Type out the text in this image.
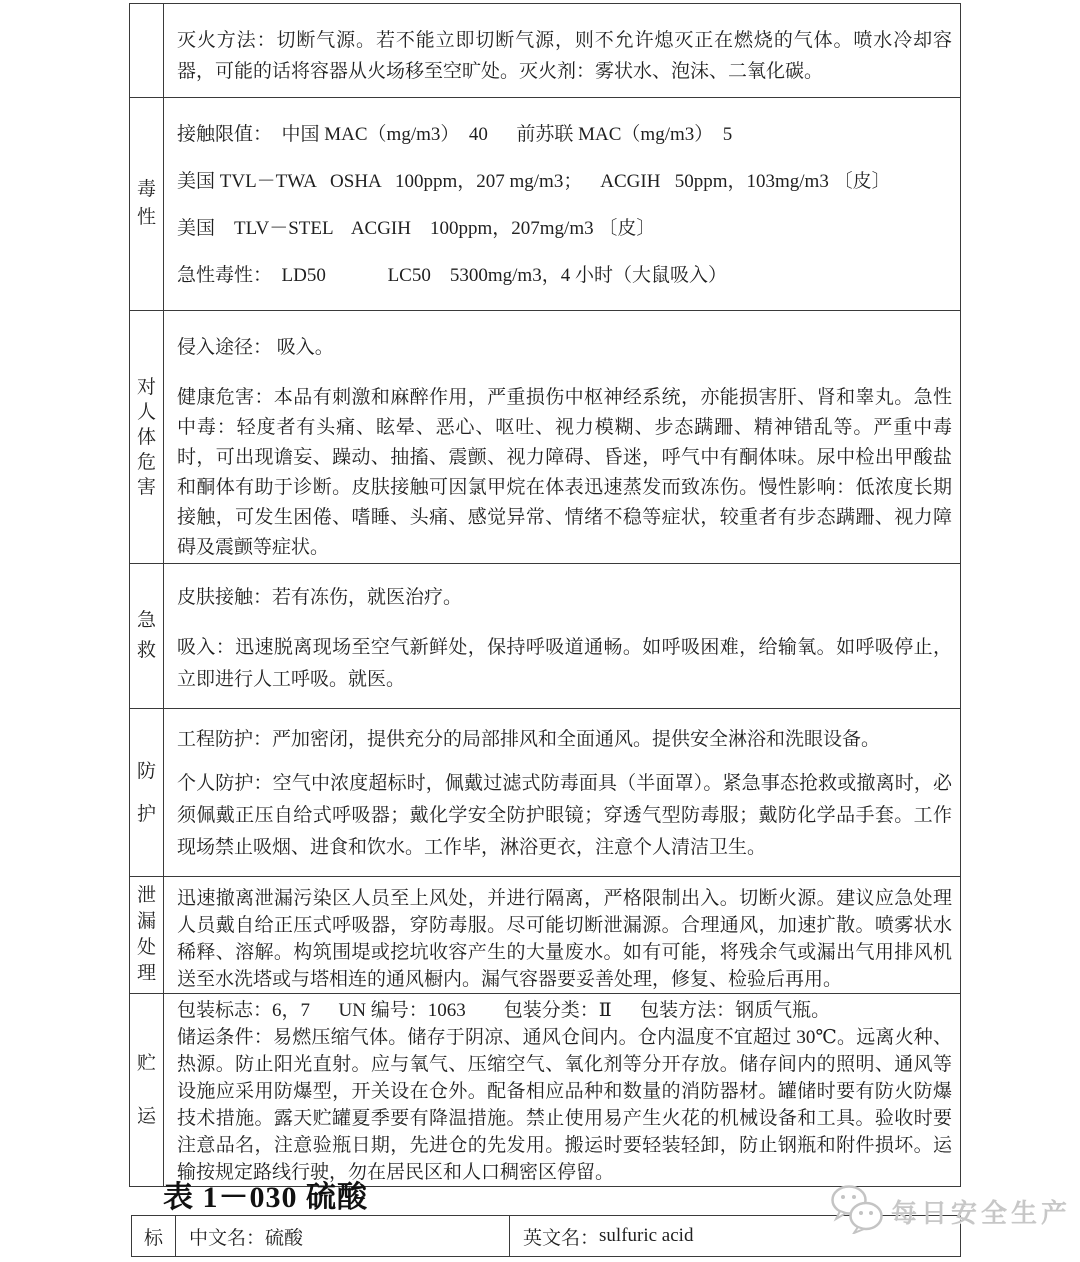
灭火方法：切断气源。若不能立即切断气源，则不允许熄灭正在燃烧的气体。喷水冷却容器，可能的话将容器从火场移至空旷处。灭火剂：雾状水、泡沫、二氧化碳。

毒性

接触限值：  中国 MAC（mg/m3）  40      前苏联 MAC（mg/m3）  5

美国 TVL－TWA   OSHA   100ppm，207 mg/m3；    ACGIH   50ppm，103mg/m3 〔皮〕

美国    TLV－STEL    ACGIH    100ppm，207mg/m3 〔皮〕

急性毒性：  LD50             LC50    5300mg/m3，4 小时（大鼠吸入）

对人体危害

侵入途径： 吸入。

健康危害：本品有刺激和麻醉作用，严重损伤中枢神经系统，亦能损害肝、肾和睾丸。急性中毒：轻度者有头痛、眩晕、恶心、呕吐、视力模糊、步态蹒跚、精神错乱等。严重中毒时，可出现谵妄、躁动、抽搐、震颤、视力障碍、昏迷，呼气中有酮体味。尿中检出甲酸盐和酮体有助于诊断。皮肤接触可因氯甲烷在体表迅速蒸发而致冻伤。慢性影响：低浓度长期接触，可发生困倦、嗜睡、头痛、感觉异常、情绪不稳等症状，较重者有步态蹒跚、视力障碍及震颤等症状。

急救

皮肤接触：若有冻伤，就医治疗。

吸入：迅速脱离现场至空气新鲜处，保持呼吸道通畅。如呼吸困难，给输氧。如呼吸停止，立即进行人工呼吸。就医。

防护

工程防护：严加密闭，提供充分的局部排风和全面通风。提供安全淋浴和洗眼设备。

个人防护：空气中浓度超标时，佩戴过滤式防毒面具（半面罩）。紧急事态抢救或撤离时，必须佩戴正压自给式呼吸器；戴化学安全防护眼镜；穿透气型防毒服；戴防化学品手套。工作现场禁止吸烟、进食和饮水。工作毕，淋浴更衣，注意个人清洁卫生。

泄漏处理

迅速撤离泄漏污染区人员至上风处，并进行隔离，严格限制出入。切断火源。建议应急处理人员戴自给正压式呼吸器，穿防毒服。尽可能切断泄漏源。合理通风，加速扩散。喷雾状水稀释、溶解。构筑围堤或挖坑收容产生的大量废水。如有可能，将残余气或漏出气用排风机送至水洗塔或与塔相连的通风橱内。漏气容器要妥善处理，修复、检验后再用。

贮运

包装标志：6，7      UN 编号：1063        包装分类：Ⅱ      包装方法：钢质气瓶。

储运条件：易燃压缩气体。储存于阴凉、通风仓间内。仓内温度不宜超过 30℃。远离火种、热源。防止阳光直射。应与氧气、压缩空气、氧化剂等分开存放。储存间内的照明、通风等设施应采用防爆型，开关设在仓外。配备相应品种和数量的消防器材。罐储时要有防火防爆技术措施。露天贮罐夏季要有降温措施。禁止使用易产生火花的机械设备和工具。验收时要注意品名，注意验瓶日期，先进仓的先发用。搬运时要轻装轻卸，防止钢瓶和附件损坏。运输按规定路线行驶，勿在居民区和人口稠密区停留。

表 1－030 硫酸
标	中文名： 硫酸	英文名： sulfuric acid
每日安全生产
